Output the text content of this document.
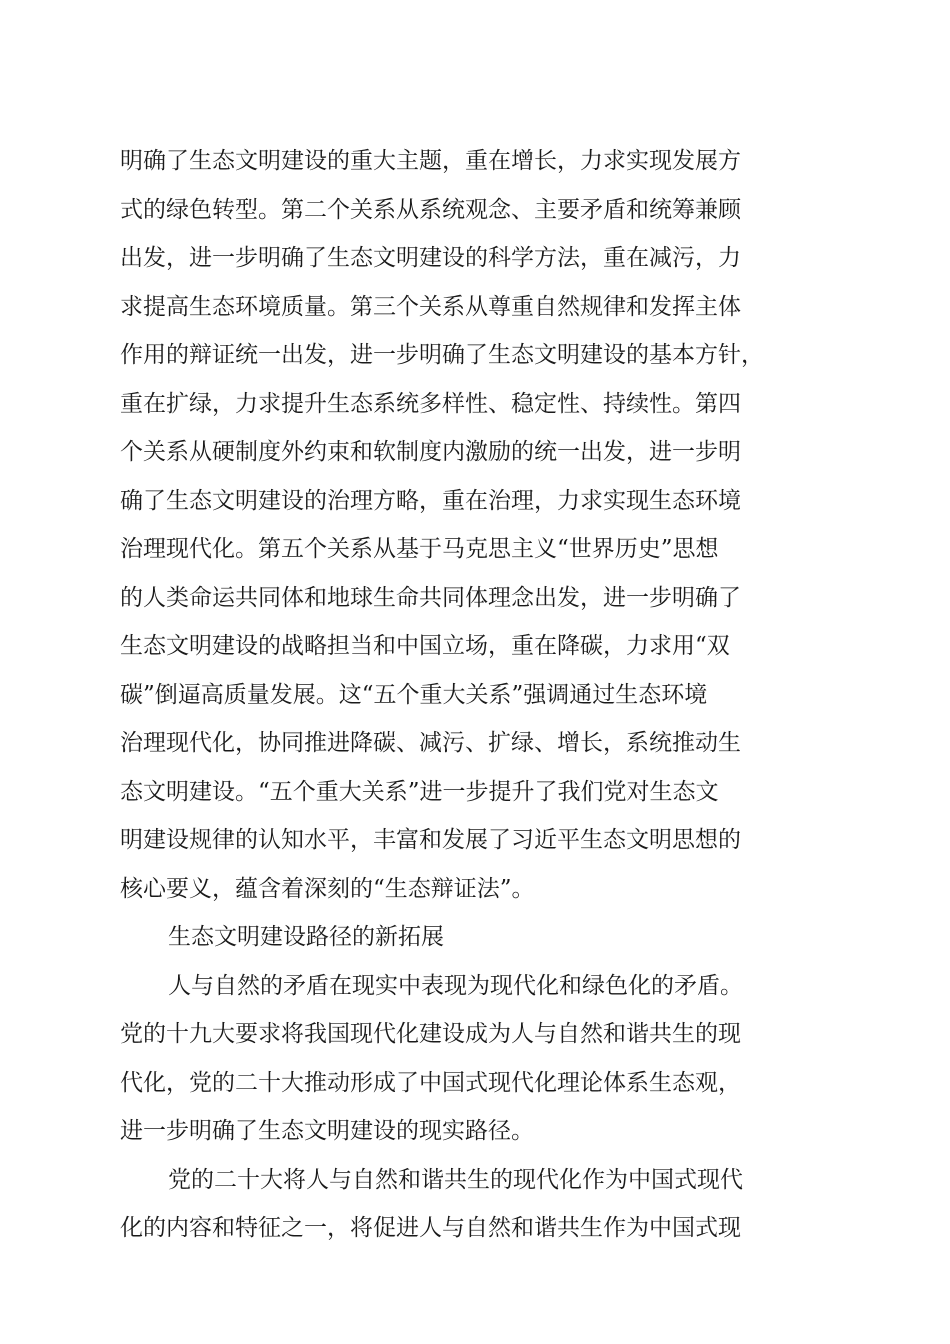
明确了生态文明建设的重大主题，重在增长，力求实现发展方
式的绿色转型。第二个关系从系统观念、主要矛盾和统筹兼顾
出发，进一步明确了生态文明建设的科学方法，重在减污，力
求提高生态环境质量。第三个关系从尊重自然规律和发挥主体
作用的辩证统一出发，进一步明确了生态文明建设的基本方针，
重在扩绿，力求提升生态系统多样性、稳定性、持续性。第四
个关系从硬制度外约束和软制度内激励的统一出发，进一步明
确了生态文明建设的治理方略，重在治理，力求实现生态环境
治理现代化。第五个关系从基于马克思主义“世界历史”思想
的人类命运共同体和地球生命共同体理念出发，进一步明确了
生态文明建设的战略担当和中国立场，重在降碳，力求用“双
碳”倒逼高质量发展。这“五个重大关系”强调通过生态环境
治理现代化，协同推进降碳、减污、扩绿、增长，系统推动生
态文明建设。“五个重大关系”进一步提升了我们党对生态文
明建设规律的认知水平，丰富和发展了习近平生态文明思想的
核心要义，蕴含着深刻的“生态辩证法”。
生态文明建设路径的新拓展
人与自然的矛盾在现实中表现为现代化和绿色化的矛盾。
党的十九大要求将我国现代化建设成为人与自然和谐共生的现
代化，党的二十大推动形成了中国式现代化理论体系生态观，
进一步明确了生态文明建设的现实路径。
党的二十大将人与自然和谐共生的现代化作为中国式现代
化的内容和特征之一，将促进人与自然和谐共生作为中国式现
